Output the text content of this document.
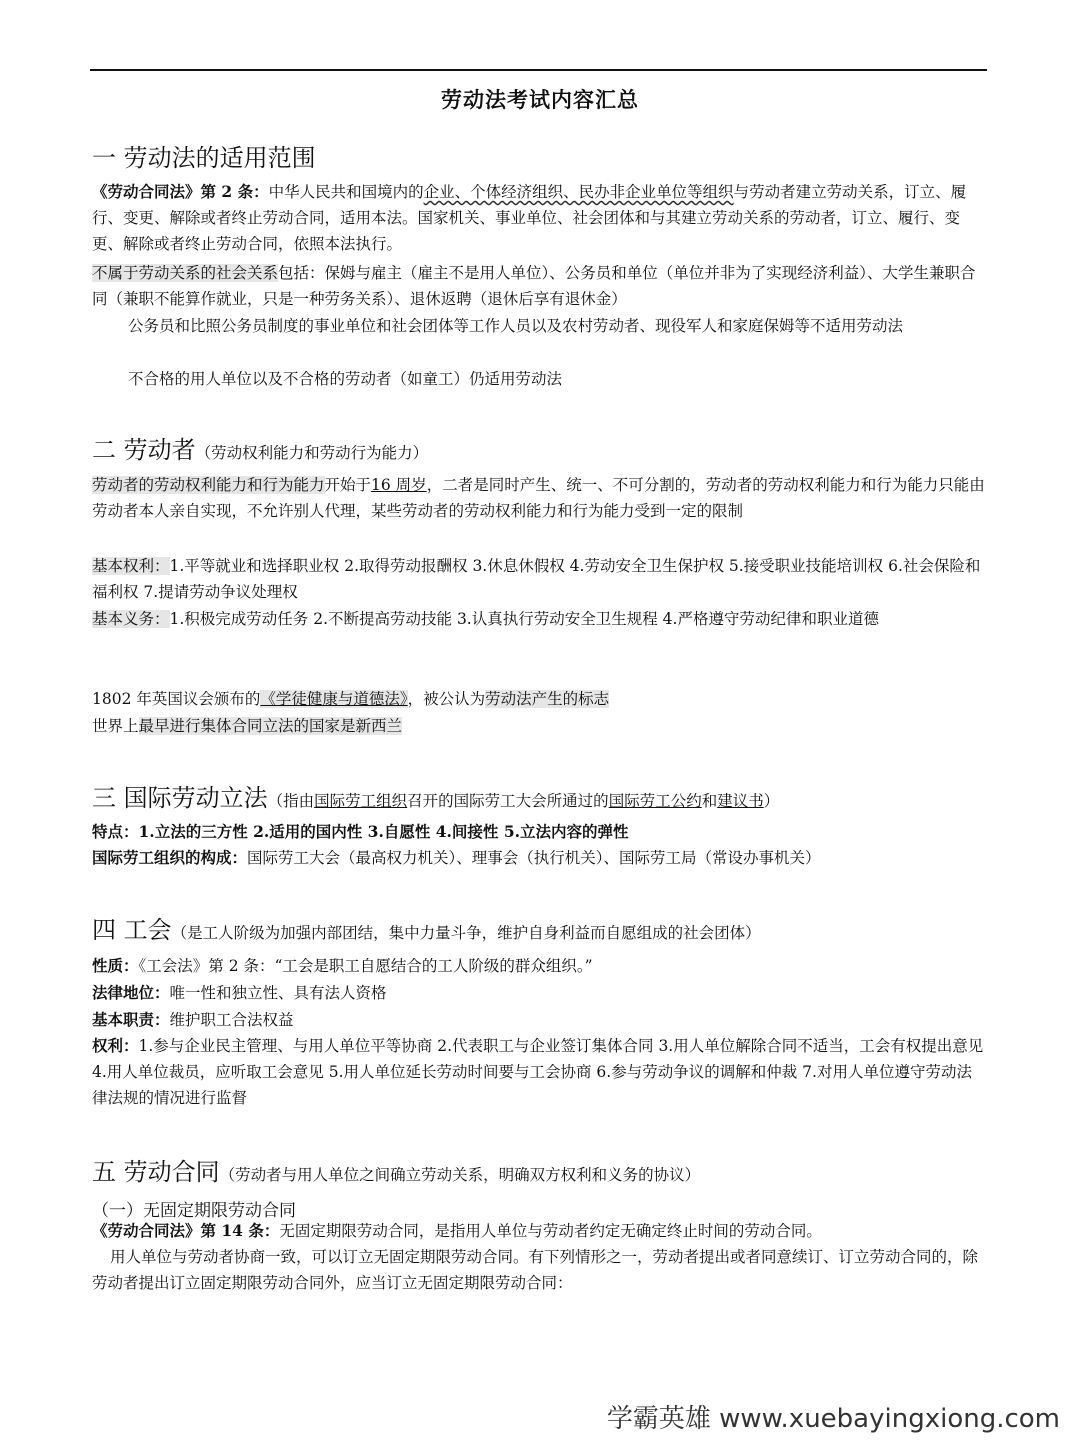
劳动法考试内容汇总
一 劳动法的适用范围
《劳动合同法》第 2 条：中华人民共和国境内的企业、个体经济组织、民办非企业单位等组织与劳动者建立劳动关系，订立、履行、变更、解除或者终止劳动合同，适用本法。国家机关、事业单位、社会团体和与其建立劳动关系的劳动者，订立、履行、变更、解除或者终止劳动合同，依照本法执行。
不属于劳动关系的社会关系包括：保姆与雇主（雇主不是用人单位）、公务员和单位（单位并非为了实现经济利益）、大学生兼职合同（兼职不能算作就业，只是一种劳务关系）、退休返聘（退休后享有退休金）
公务员和比照公务员制度的事业单位和社会团体等工作人员以及农村劳动者、现役军人和家庭保姆等不适用劳动法
不合格的用人单位以及不合格的劳动者（如童工）仍适用劳动法
二 劳动者（劳动权利能力和劳动行为能力）
劳动者的劳动权利能力和行为能力开始于16 周岁，二者是同时产生、统一、不可分割的，劳动者的劳动权利能力和行为能力只能由劳动者本人亲自实现，不允许别人代理，某些劳动者的劳动权利能力和行为能力受到一定的限制
基本权利：1.平等就业和选择职业权 2.取得劳动报酬权 3.休息休假权 4.劳动安全卫生保护权 5.接受职业技能培训权 6.社会保险和福利权 7.提请劳动争议处理权
基本义务：1.积极完成劳动任务 2.不断提高劳动技能 3.认真执行劳动安全卫生规程 4.严格遵守劳动纪律和职业道德
1802 年英国议会颁布的《学徒健康与道德法》，被公认为劳动法产生的标志
世界上最早进行集体合同立法的国家是新西兰
三 国际劳动立法（指由国际劳工组织召开的国际劳工大会所通过的国际劳工公约和建议书）
特点：1.立法的三方性 2.适用的国内性 3.自愿性 4.间接性 5.立法内容的弹性
国际劳工组织的构成：国际劳工大会（最高权力机关）、理事会（执行机关）、国际劳工局（常设办事机关）
四 工会（是工人阶级为加强内部团结，集中力量斗争，维护自身利益而自愿组成的社会团体）
性质：《工会法》第 2 条：“工会是职工自愿结合的工人阶级的群众组织。”
法律地位：唯一性和独立性、具有法人资格
基本职责：维护职工合法权益
权利：1.参与企业民主管理、与用人单位平等协商 2.代表职工与企业签订集体合同 3.用人单位解除合同不适当，工会有权提出意见 4.用人单位裁员，应听取工会意见 5.用人单位延长劳动时间要与工会协商 6.参与劳动争议的调解和仲裁 7.对用人单位遵守劳动法律法规的情况进行监督
五 劳动合同（劳动者与用人单位之间确立劳动关系，明确双方权利和义务的协议）
（一）无固定期限劳动合同
《劳动合同法》第 14 条：无固定期限劳动合同，是指用人单位与劳动者约定无确定终止时间的劳动合同。
用人单位与劳动者协商一致，可以订立无固定期限劳动合同。有下列情形之一，劳动者提出或者同意续订、订立劳动合同的，除劳动者提出订立固定期限劳动合同外，应当订立无固定期限劳动合同：
学霸英雄 www.xuebayingxiong.com
